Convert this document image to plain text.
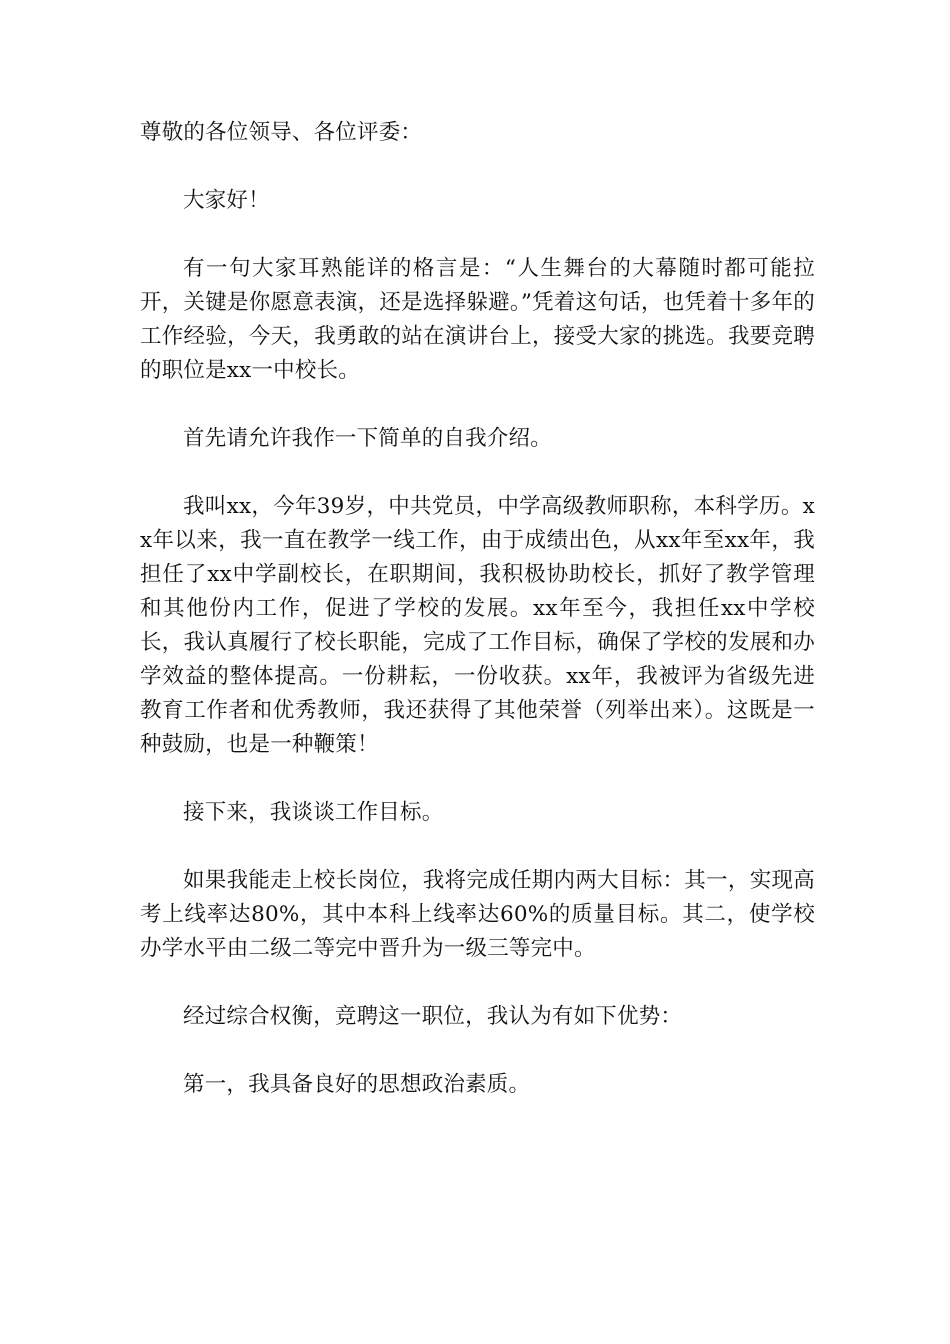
尊敬的各位领导、各位评委：

大家好！

有一句大家耳熟能详的格言是：“人生舞台的大幕随时都可能拉开，关键是你愿意表演，还是选择躲避。”凭着这句话，也凭着十多年的工作经验，今天，我勇敢的站在演讲台上，接受大家的挑选。我要竞聘的职位是xx一中校长。

首先请允许我作一下简单的自我介绍。

我叫xx，今年39岁，中共党员，中学高级教师职称，本科学历。xx年以来，我一直在教学一线工作，由于成绩出色，从xx年至xx年，我担任了xx中学副校长，在职期间，我积极协助校长，抓好了教学管理和其他份内工作，促进了学校的发展。xx年至今，我担任xx中学校长，我认真履行了校长职能，完成了工作目标，确保了学校的发展和办学效益的整体提高。一份耕耘，一份收获。xx年，我被评为省级先进教育工作者和优秀教师，我还获得了其他荣誉（列举出来）。这既是一种鼓励，也是一种鞭策！

接下来，我谈谈工作目标。

如果我能走上校长岗位，我将完成任期内两大目标：其一，实现高考上线率达80%，其中本科上线率达60%的质量目标。其二，使学校办学水平由二级二等完中晋升为一级三等完中。

经过综合权衡，竞聘这一职位，我认为有如下优势：

第一，我具备良好的思想政治素质。
